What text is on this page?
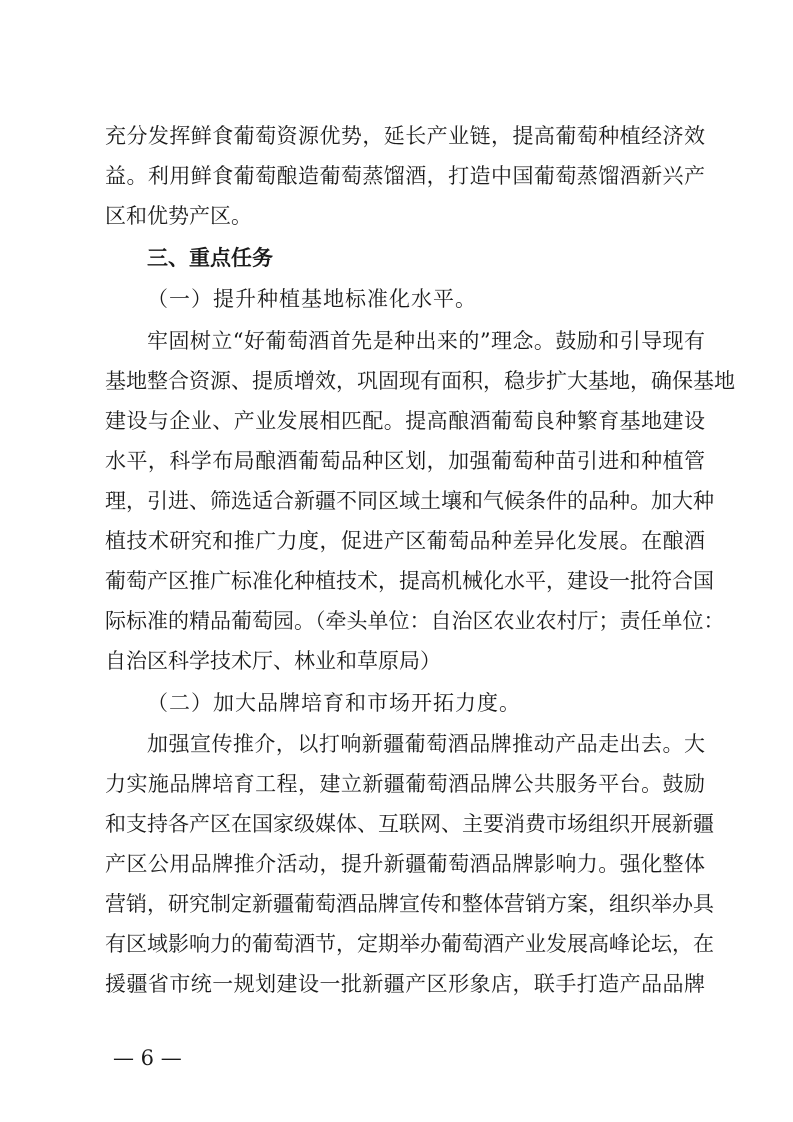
充分发挥鲜食葡萄资源优势，延长产业链，提高葡萄种植经济效
益。利用鲜食葡萄酿造葡萄蒸馏酒，打造中国葡萄蒸馏酒新兴产
区和优势产区。
三、重点任务
（一）提升种植基地标准化水平。
牢固树立“好葡萄酒首先是种出来的”理念。鼓励和引导现有
基地整合资源、提质增效，巩固现有面积，稳步扩大基地，确保基地
建设与企业、产业发展相匹配。提高酿酒葡萄良种繁育基地建设
水平，科学布局酿酒葡萄品种区划，加强葡萄种苗引进和种植管
理，引进、筛选适合新疆不同区域土壤和气候条件的品种。加大种
植技术研究和推广力度，促进产区葡萄品种差异化发展。在酿酒
葡萄产区推广标准化种植技术，提高机械化水平，建设一批符合国
际标准的精品葡萄园。（牵头单位：自治区农业农村厅；责任单位：
自治区科学技术厅、林业和草原局）
（二）加大品牌培育和市场开拓力度。
加强宣传推介，以打响新疆葡萄酒品牌推动产品走出去。大
力实施品牌培育工程，建立新疆葡萄酒品牌公共服务平台。鼓励
和支持各产区在国家级媒体、互联网、主要消费市场组织开展新疆
产区公用品牌推介活动，提升新疆葡萄酒品牌影响力。强化整体
营销，研究制定新疆葡萄酒品牌宣传和整体营销方案，组织举办具
有区域影响力的葡萄酒节，定期举办葡萄酒产业发展高峰论坛，在
援疆省市统一规划建设一批新疆产区形象店，联手打造产品品牌
— 6 —
